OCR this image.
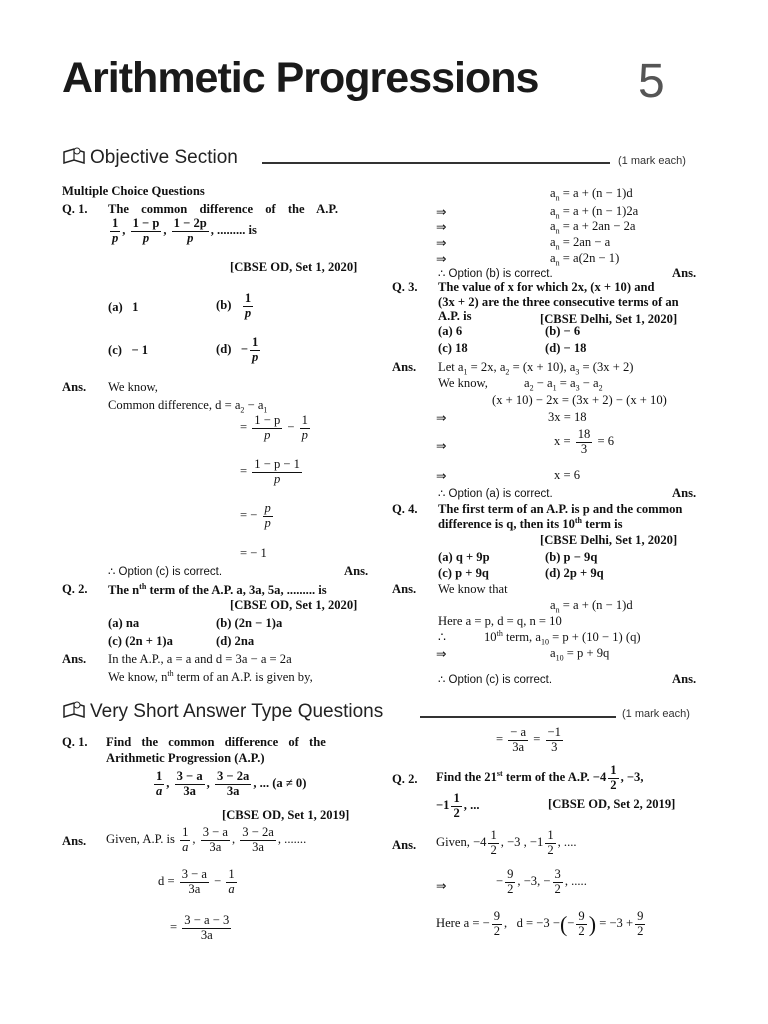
Arithmetic Progressions 5
Objective Section	(1 mark each)
Multiple Choice Questions
Q. 1. The common difference of the A.P.
$\frac{1}{p}$ , $\frac{1 - p}{p}$ , $\frac{1 - 2p}{p}$ , ......... is
[CBSE OD, Set 1, 2020]
(a) 1	$(b) \frac{1}{p}$
(c) − 1	$(d) - \frac{1}{p}$
Ans. We know,
Common difference, $d = a_2 - a_1$
= $\frac{1 - p}{p} - \frac{1}{p}$
= $\frac{1 - p - 1}{p}$
= − $\frac{p}{p}$
= − 1
∴ Option (c) is correct.	Ans.
Q. 2. The $n^{th}$ term of the A.P. a, 3a, 5a, ......... is
[CBSE OD, Set 1, 2020]
(a) na	(b) (2n − 1)a
(c) (2n + 1)a	(d) 2na
Ans. In the A.P., a = a and d = 3a − a = 2a
We know, $n^{th}$ term of an A.P. is given by,
$a_n = a + (n - 1)d$
⇒	$a_n = a + (n - 1)2a$
⇒	$a_n = a + 2an - 2a$
⇒	$a_n = 2an - a$
⇒	$a_n = a(2n - 1)$
∴ Option (b) is correct.	Ans.
Q. 3. The value of x for which 2x, (x + 10) and
(3x + 2) are the three consecutive terms of an
A.P. is	[CBSE Delhi, Set 1, 2020]
(a) 6	(b) − 6
(c) 18	(d) − 18
Ans. Let $a_1 = 2x$, $a_2 = (x + 10)$, $a_3 = (3x + 2)$
We know,	$a_2 - a_1 = a_3 - a_2$
(x + 10) − 2x = (3x + 2) − (x + 10)
⇒	3x = 18
⇒	$x = \frac{18}{3} = 6$
⇒	x = 6
∴ Option (a) is correct.	Ans.
Q. 4. The first term of an A.P. is p and the common
difference is q, then its 10th term is
[CBSE Delhi, Set 1, 2020]
(a) q + 9p	(b) p − 9q
(c) p + 9q	(d) 2p + 9q
Ans. We know that
$a_n = a + (n - 1)d$
Here a = p, d = q, n = 10
∴	10th term, $a_{10} = p + (10 - 1)$ (q)
⇒	$a_{10} = p + 9q$
∴ Option (c) is correct.	Ans.
Very Short Answer Type Questions	(1 mark each)
Q. 1. Find the common difference of the
Arithmetic Progression (A.P.)
$\frac{1}{a}$ , $\frac{3 - a}{3a}$ , $\frac{3 - 2a}{3a}$ , ... (a ≠ 0)
[CBSE OD, Set 1, 2019]
Ans. Given, A.P. is $\frac{1}{a}$ , $\frac{3 - a}{3a}$ , $\frac{3 - 2a}{3a}$ , .......
$d = \frac{3 - a}{3a} - \frac{1}{a}$
= $\frac{3 - a - 3}{3a}$
= $\frac{- a}{3a} = \frac{-1}{3}$
Q. 2. Find the 21st term of the A.P. $-4 \frac{1}{2}$ , −3,
$-1 \frac{1}{2}$ , ...	[CBSE OD, Set 2, 2019]
Ans. Given, $-4 \frac{1}{2}$ , −3 , $-1 \frac{1}{2}$ , ....
⇒	− $\frac{9}{2}$ , −3, − $\frac{3}{2}$ , .....
Here a = − $\frac{9}{2}$ ,   d = −3 −(− $\frac{9}{2}$ ) = $-3 + \frac{9}{2}$
